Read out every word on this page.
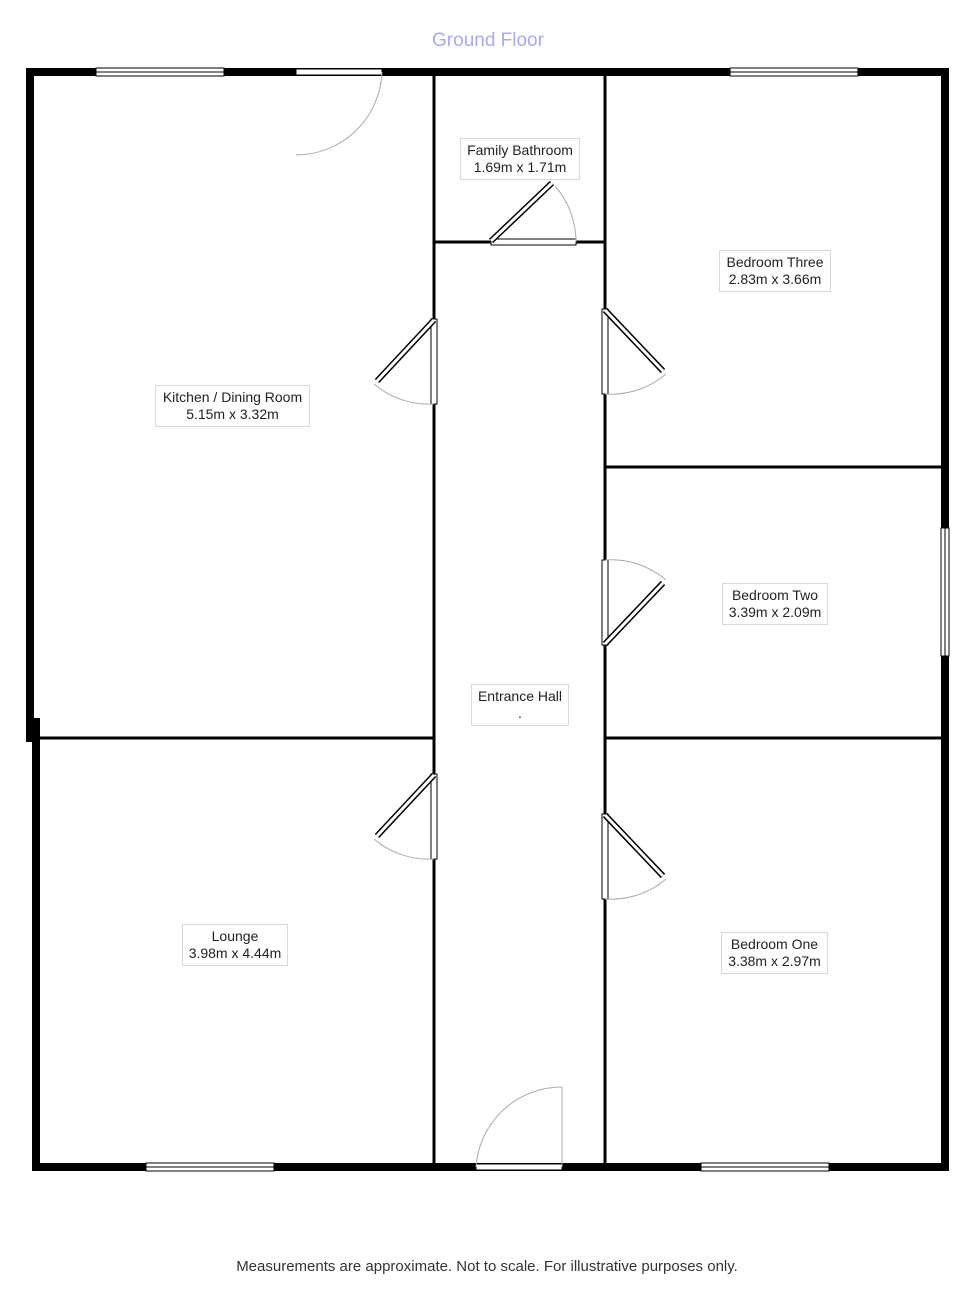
Ground Floor
Family Bathroom
1.69m x 1.71m
Bedroom Three
2.83m x 3.66m
Kitchen / Dining Room
5.15m x 3.32m
Bedroom Two
3.39m x 2.09m
Entrance Hall
.
Lounge
3.98m x 4.44m
Bedroom One
3.38m x 2.97m
Measurements are approximate. Not to scale. For illustrative purposes only.
